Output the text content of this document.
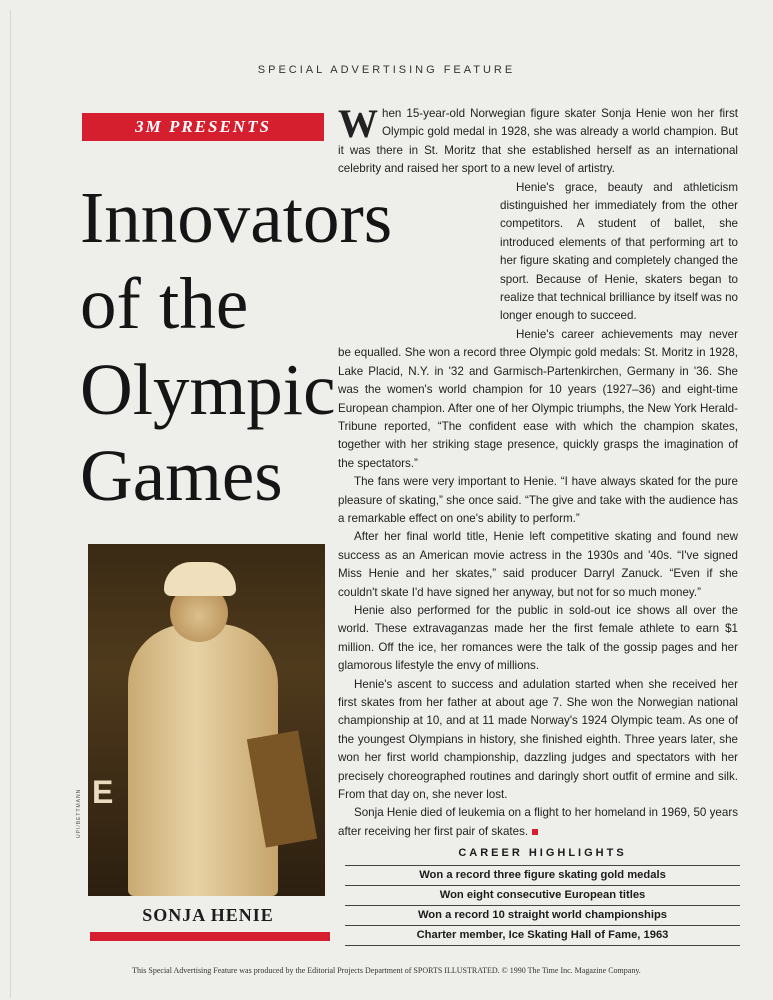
SPECIAL ADVERTISING FEATURE
3M PRESENTS
Innovators
of the
Olympic
Games

When 15-year-old Norwegian figure skater Sonja Henie won her first Olympic gold medal in 1928, she was already a world champion. But it was there in St. Moritz that she established herself as an international celebrity and raised her sport to a new level of artistry.

Henie's grace, beauty and athleticism distinguished her immediately from the other competitors. A student of ballet, she introduced elements of that performing art to her figure skating and completely changed the sport. Because of Henie, skaters began to realize that technical brilliance by itself was no longer enough to succeed.

Henie's career achievements may never be equalled. She won a record three Olympic gold medals: St. Moritz in 1928, Lake Placid, N.Y. in '32 and Garmisch-Partenkirchen, Germany in '36. She was the women's world champion for 10 years (1927–36) and eight-time European champion. After one of her Olympic triumphs, the New York Herald-Tribune reported, “The confident ease with which the champion skates, together with her striking stage presence, quickly grasps the imagination of the spectators.”

The fans were very important to Henie. “I have always skated for the pure pleasure of skating,” she once said. “The give and take with the audience has a remarkable effect on one's ability to perform.”

After her final world title, Henie left competitive skating and found new success as an American movie actress in the 1930s and '40s. “I've signed Miss Henie and her skates,” said producer Darryl Zanuck. “Even if she couldn't skate I'd have signed her anyway, but not for so much money.”

Henie also performed for the public in sold-out ice shows all over the world. These extravaganzas made her the first female athlete to earn $1 million. Off the ice, her romances were the talk of the gossip pages and her glamorous lifestyle the envy of millions.

Henie's ascent to success and adulation started when she received her first skates from her father at about age 7. She won the Norwegian national championship at 10, and at 11 made Norway's 1924 Olympic team. As one of the youngest Olympians in history, she finished eighth. Three years later, she won her first world championship, dazzling judges and spectators with her precisely choreographed routines and daringly short outfit of ermine and silk. From that day on, she never lost.

Sonja Henie died of leukemia on a flight to her homeland in 1969, 50 years after receiving her first pair of skates.

E
UPI/BETTMANN
SONJA HENIE
CAREER HIGHLIGHTS
Won a record three figure skating gold medals
Won eight consecutive European titles
Won a record 10 straight world championships
Charter member, Ice Skating Hall of Fame, 1963
This Special Advertising Feature was produced by the Editorial Projects Department of SPORTS ILLUSTRATED. © 1990 The Time Inc. Magazine Company.
